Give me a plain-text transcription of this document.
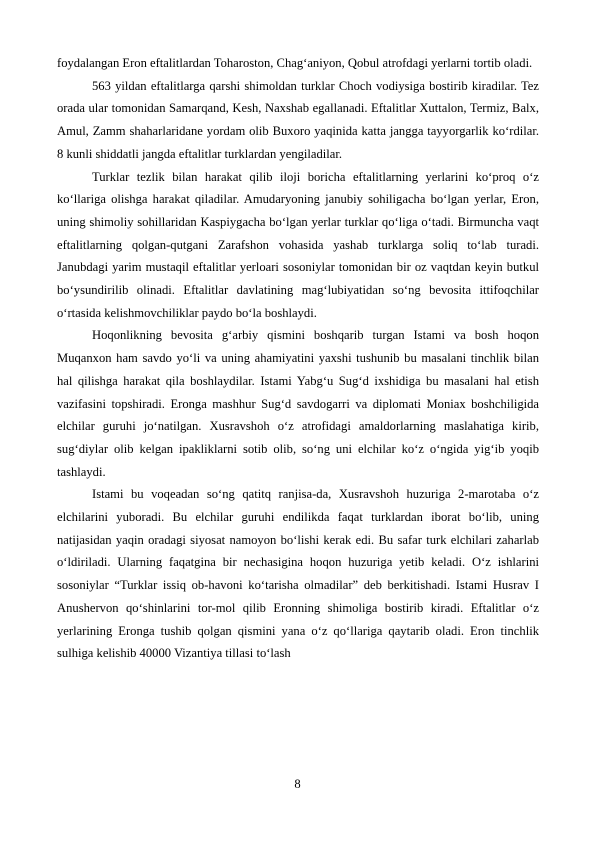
foydalangan Eron eftalitlardan Toharoston, Chag‘aniyon, Qobul atrofdagi yerlarni tortib oladi.

563 yildan eftalitlarga qarshi shimoldan turklar Choch vodiysiga bostirib kiradilar. Tez orada ular tomonidan Samarqand, Kesh, Naxshab egallanadi. Eftalitlar Xuttalon, Termiz, Balx, Amul, Zamm shaharlaridane yordam olib Buxoro yaqinida katta jangga tayyorgarlik ko‘rdilar. 8 kunli shiddatli jangda eftalitlar turklardan yengiladilar.

Turklar tezlik bilan harakat qilib iloji boricha eftalitlarning yerlarini ko‘proq o‘z ko‘llariga olishga harakat qiladilar. Amudaryoning janubiy sohiligacha bo‘lgan yerlar, Eron, uning shimoliy sohillaridan Kaspiygacha bo‘lgan yerlar turklar qo‘liga o‘tadi. Birmuncha vaqt eftalitlarning qolgan-qutgani Zarafshon vohasida yashab turklarga soliq to‘lab turadi. Janubdagi yarim mustaqil eftalitlar yerloari sosoniylar tomonidan bir oz vaqtdan keyin butkul bo‘ysundirilib olinadi. Eftalitlar davlatining mag‘lubiyatidan so‘ng bevosita ittifoqchilar o‘rtasida kelishmovchiliklar paydo bo‘la boshlaydi.

Hoqonlikning bevosita g‘arbiy qismini boshqarib turgan Istami va bosh hoqon Muqanxon ham savdo yo‘li va uning ahamiyatini yaxshi tushunib bu masalani tinchlik bilan hal qilishga harakat qila boshlaydilar. Istami Yabg‘u Sug‘d ixshidiga bu masalani hal etish vazifasini topshiradi. Eronga mashhur Sug‘d savdogarri va diplomati Moniax boshchiligida elchilar guruhi jo‘natilgan. Xusravshoh o‘z atrofidagi amaldorlarning maslahatiga kirib, sug‘diylar olib kelgan ipakliklarni sotib olib, so‘ng uni elchilar ko‘z o‘ngida yig‘ib yoqib tashlaydi.

Istami bu voqeadan so‘ng qatitq ranjisa-da, Xusravshoh huzuriga 2-marotaba o‘z elchilarini yuboradi. Bu elchilar guruhi endilikda faqat turklardan iborat bo‘lib, uning natijasidan yaqin oradagi siyosat namoyon bo‘lishi kerak edi. Bu safar turk elchilari zaharlab o‘ldiriladi. Ularning faqatgina bir nechasigina hoqon huzuriga yetib keladi. O‘z ishlarini sosoniylar “Turklar issiq ob-havoni ko‘tarisha olmadilar” deb berkitishadi. Istami Husrav I Anushervon qo‘shinlarini tor-mol qilib Eronning shimoliga bostirib kiradi. Eftalitlar o‘z yerlarining Eronga tushib qolgan qismini yana o‘z qo‘llariga qaytarib oladi. Eron tinchlik sulhiga kelishib 40000 Vizantiya tillasi to‘lash

8
